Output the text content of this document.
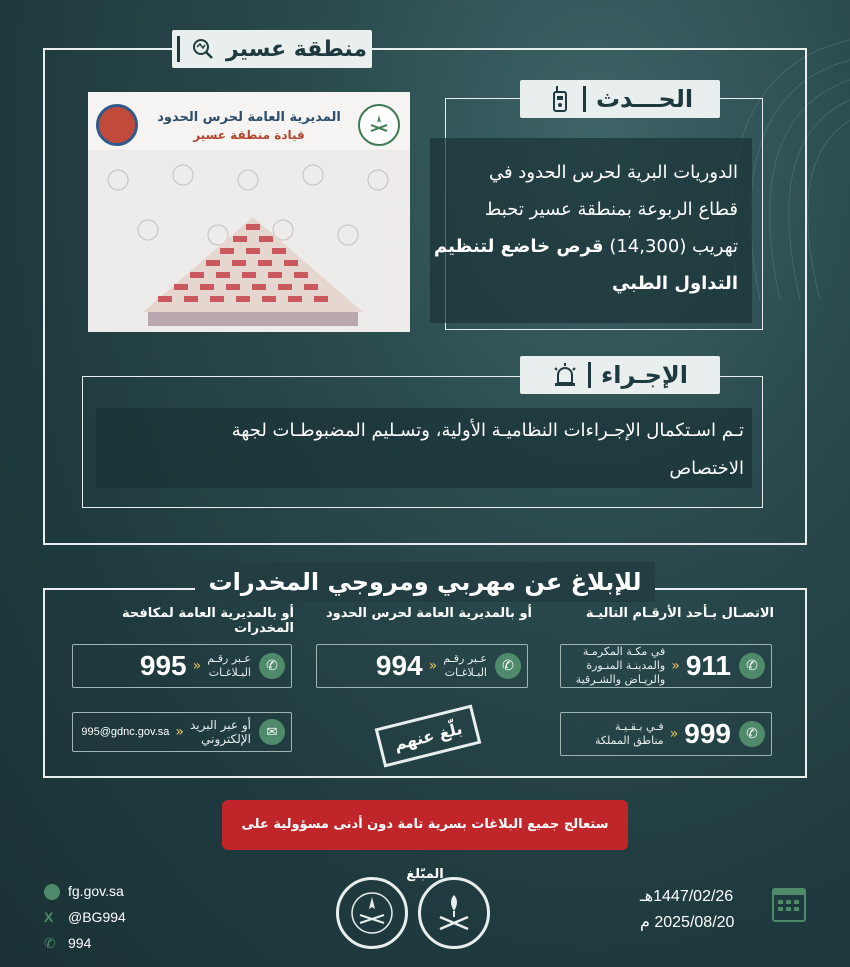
منطقة عسير
المديرية العامة لحرس الحدود
قيادة منطقة عسير
الحـــدث
الدوريات البرية لحرس الحدود في
قطاع الربوعة بمنطقة عسير تحبط
تهريب (14,300) قرص خاضع لتنظيم
التداول الطبي
الإجـراء
تـم اسـتكمال الإجـراءات النظاميـة الأولية، وتسـليم المضبوطـات لجهة
الاختصاص
للإبلاغ عن مهربي ومروجي المخدرات
الاتصـال بـأحد الأرقـام التاليـة
أو بالمديرية العامة لحرس الحدود
أو بالمديرية العامة لمكافحة المخدرات
✆
911
«
في مكـة المكرمـة
والمدينـة المنـورة
والريـاض والشـرقية
✆
999
«
فـي بـقـيـة
مناطق المملكة
✆
عـبر رقـم
البـلاغـات
«
994
✆
عـبر رقـم
البـلاغـات
«
995
✉
أو عبر البريد
الإلكتروني
«
995@gdnc.gov.sa	بلّغ عنهم
ستعالج جميع البلاغات بسرية تامة دون أدنى مسؤولية على المبّلغ
fg.gov.sa
X @BG994
✆ 994
1447/02/26هـ
2025/08/20 م
